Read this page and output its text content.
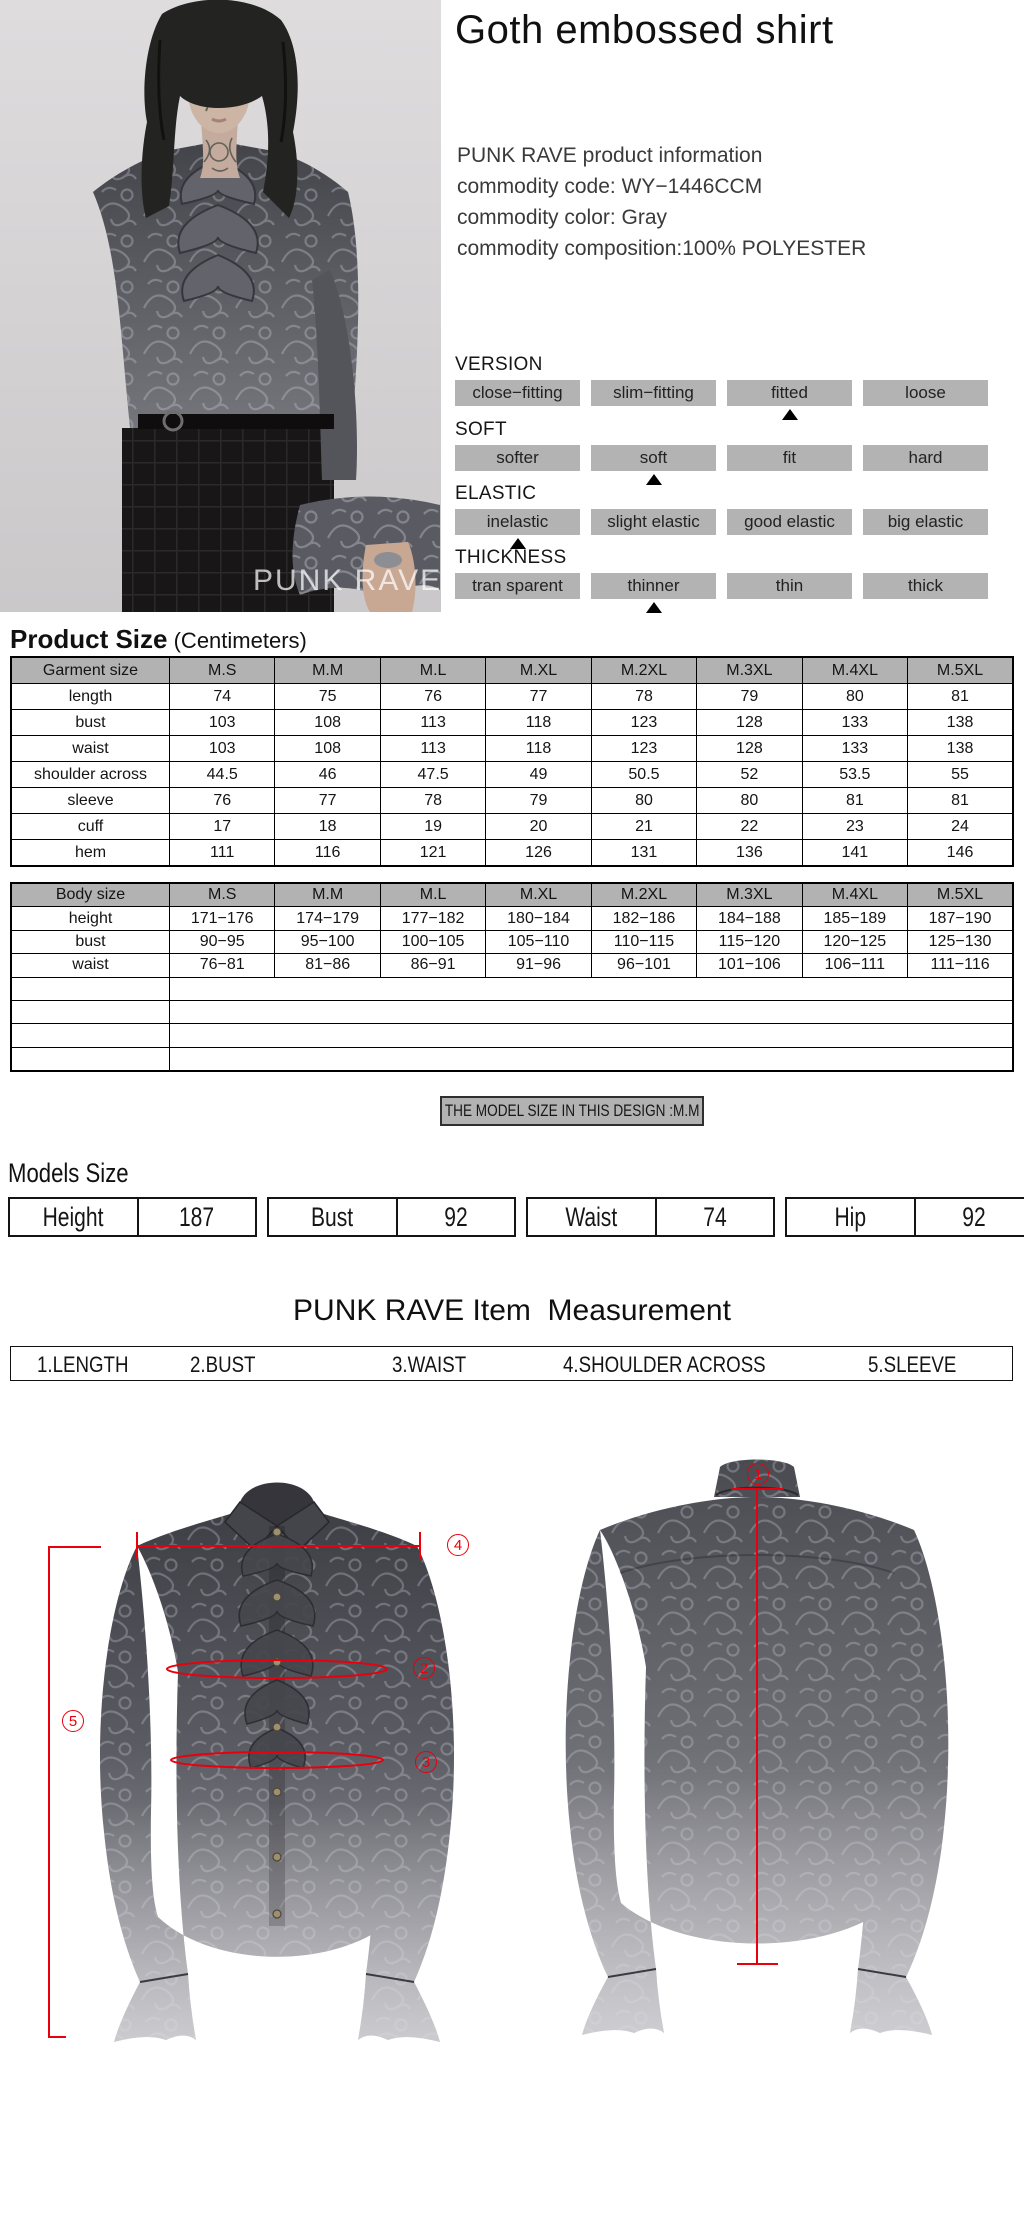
PUNK RAVE
Goth embossed shirt
PUNK RAVE product information
commodity code: WY−1446CCM
commodity color: Gray
commodity composition:100% POLYESTER
VERSION
close−fitting	slim−fitting	fitted	loose
SOFT
softer	soft	fit	hard
ELASTIC
inelastic	slight elastic	good elastic	big elastic
THICKNESS
tran sparent	thinner	thin	thick
Product Size (Centimeters)
Garment size	M.S	M.M	M.L	M.XL	M.2XL	M.3XL	M.4XL	M.5XL
length	74	75	76	77	78	79	80	81
bust	103	108	113	118	123	128	133	138
waist	103	108	113	118	123	128	133	138
shoulder across	44.5	46	47.5	49	50.5	52	53.5	55
sleeve	76	77	78	79	80	80	81	81
cuff	17	18	19	20	21	22	23	24
hem	111	116	121	126	131	136	141	146
Body size	M.S	M.M	M.L	M.XL	M.2XL	M.3XL	M.4XL	M.5XL
height	171−176	174−179	177−182	180−184	182−186	184−188	185−189	187−190
bust	90−95	95−100	100−105	105−110	110−115	115−120	120−125	125−130
waist	76−81	81−86	86−91	91−96	96−101	101−106	106−111	111−116

THE MODEL SIZE IN THIS DESIGN :M.M
Models Size
Height	187	Bust	92	Waist	74	Hip	92
PUNK RAVE Item  Measurement
1.LENGTH	2.BUST	3.WAIST	4.SHOULDER ACROSS	5.SLEEVE
4
2
3
5
1
